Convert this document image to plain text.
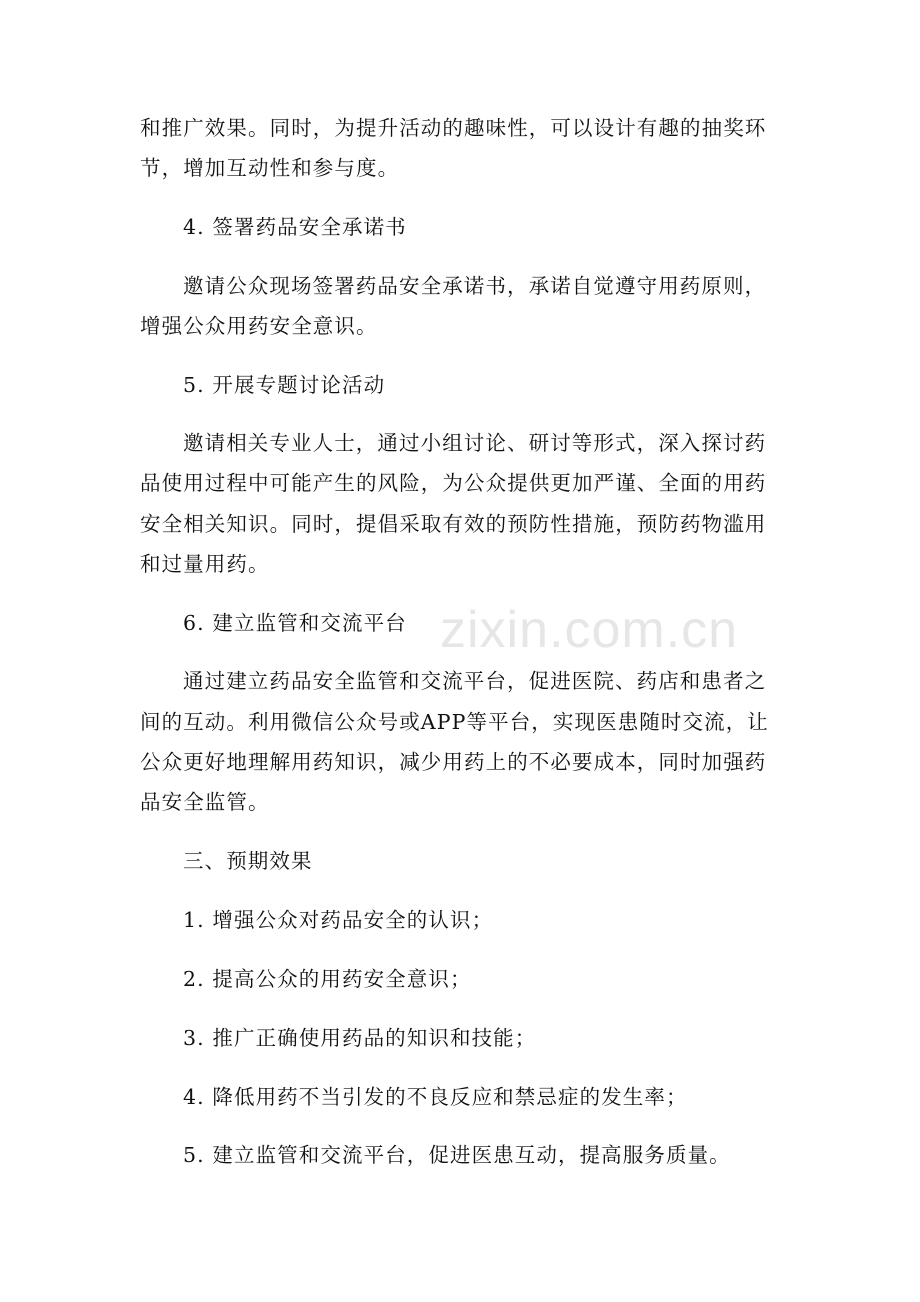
和推广效果。同时，为提升活动的趣味性，可以设计有趣的抽奖环
节，增加互动性和参与度。
4. 签署药品安全承诺书
邀请公众现场签署药品安全承诺书，承诺自觉遵守用药原则，
增强公众用药安全意识。
5. 开展专题讨论活动
邀请相关专业人士，通过小组讨论、研讨等形式，深入探讨药
品使用过程中可能产生的风险，为公众提供更加严谨、全面的用药
安全相关知识。同时，提倡采取有效的预防性措施，预防药物滥用
和过量用药。
6. 建立监管和交流平台
通过建立药品安全监管和交流平台，促进医院、药店和患者之
间的互动。利用微信公众号或APP等平台，实现医患随时交流，让
公众更好地理解用药知识，减少用药上的不必要成本，同时加强药
品安全监管。
三、预期效果
1. 增强公众对药品安全的认识；
2. 提高公众的用药安全意识；
3. 推广正确使用药品的知识和技能；
4. 降低用药不当引发的不良反应和禁忌症的发生率；
5. 建立监管和交流平台，促进医患互动，提高服务质量。
zixin.com.cn
